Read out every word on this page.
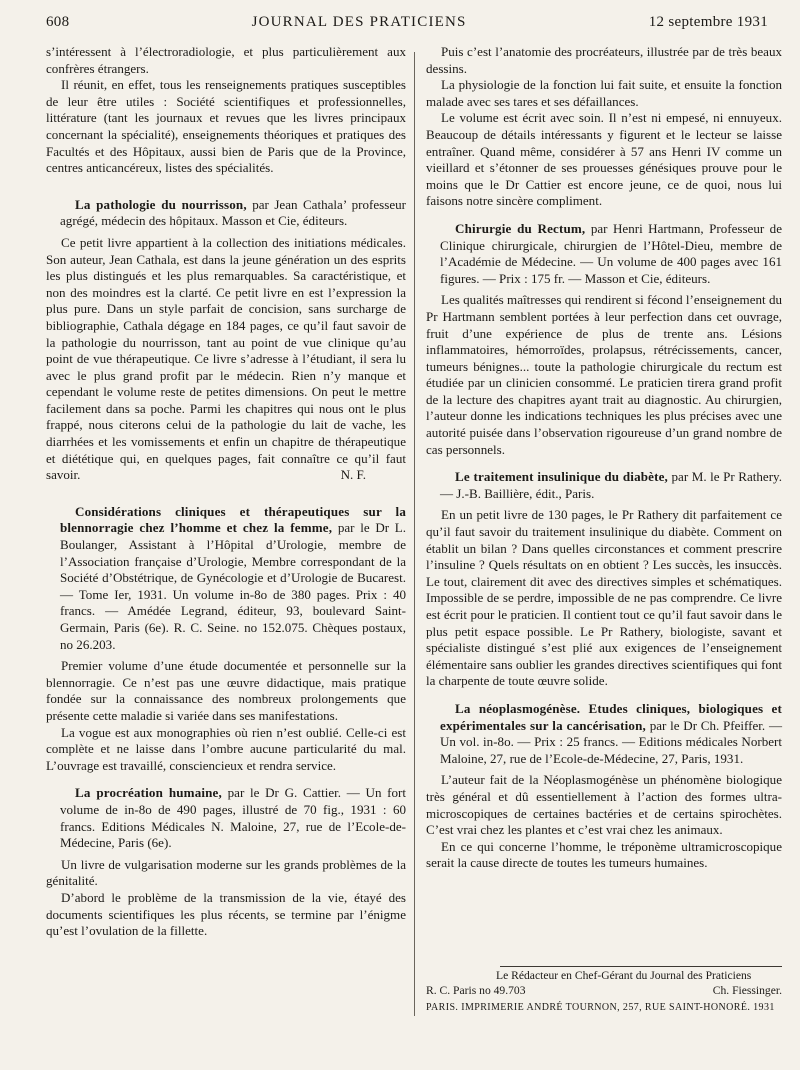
608	JOURNAL DES PRATICIENS	12 septembre 1931

s’intéressent à l’électroradiologie, et plus particulièrement aux confrères étrangers.

Il réunit, en effet, tous les renseignements pratiques susceptibles de leur être utiles : Société scientifiques et professionnelles, littérature (tant les journaux et revues que les livres principaux concernant la spécialité), enseignements théoriques et pratiques des Facultés et des Hôpitaux, aussi bien de Paris que de la Province, centres anticancéreux, listes des spécialités.

La pathologie du nourrisson, par Jean Cathala’ professeur agrégé, médecin des hôpitaux. Masson et Cie, éditeurs.

Ce petit livre appartient à la collection des initiations médicales. Son auteur, Jean Cathala, est dans la jeune génération un des esprits les plus distingués et les plus remarquables. Sa caractéristique, et non des moindres est la clarté. Ce petit livre en est l’expression la plus pure. Dans un style parfait de concision, sans surcharge de bibliographie, Cathala dégage en 184 pages, ce qu’il faut savoir de la pathologie du nourrisson, tant au point de vue clinique qu’au point de vue thérapeutique. Ce livre s’adresse à l’étudiant, il sera lu avec le plus grand profit par le médecin. Rien n’y manque et cependant le volume reste de petites dimensions. On peut le mettre facilement dans sa poche. Parmi les chapitres qui nous ont le plus frappé, nous citerons celui de la pathologie du lait de vache, les diarrhées et les vomissements et enfin un chapitre de thérapeutique et diététique qui, en quelques pages, fait connaître ce qu’il faut savoir.	N. F.

Considérations cliniques et thérapeutiques sur la blennorragie chez l’homme et chez la femme, par le Dr L. Boulanger, Assistant à l’Hôpital d’Urologie, membre de l’Association française d’Urologie, Membre correspondant de la Société d’Obstétrique, de Gynécologie et d’Urologie de Bucarest. — Tome Ier, 1931. Un volume in-8o de 380 pages. Prix : 40 francs. — Amédée Legrand, éditeur, 93, boulevard Saint-Germain, Paris (6e). R. C. Seine. no 152.075. Chèques postaux, no 26.203.

Premier volume d’une étude documentée et personnelle sur la blennorragie. Ce n’est pas une œuvre didactique, mais pratique fondée sur la connaissance des nombreux prolongements que présente cette maladie si variée dans ses manifestations.

La vogue est aux monographies où rien n’est oublié. Celle-ci est complète et ne laisse dans l’ombre aucune particularité du mal. L’ouvrage est travaillé, consciencieux et rendra service.

La procréation humaine, par le Dr G. Cattier. — Un fort volume de in-8o de 490 pages, illustré de 70 fig., 1931 : 60 francs. Editions Médicales N. Maloine, 27, rue de l’Ecole-de-Médecine, Paris (6e).

Un livre de vulgarisation moderne sur les grands problèmes de la génitalité.

D’abord le problème de la transmission de la vie, étayé des documents scientifiques les plus récents, se termine par l’énigme qu’est l’ovulation de la fillette.

Puis c’est l’anatomie des procréateurs, illustrée par de très beaux dessins.

La physiologie de la fonction lui fait suite, et ensuite la fonction malade avec ses tares et ses défaillances.

Le volume est écrit avec soin. Il n’est ni empesé, ni ennuyeux. Beaucoup de détails intéressants y figurent et le lecteur se laisse entraîner. Quand même, considérer à 57 ans Henri IV comme un vieillard et s’étonner de ses prouesses génésiques prouve pour le moins que le Dr Cattier est encore jeune, ce de quoi, nous lui faisons notre sincère compliment.

Chirurgie du Rectum, par Henri Hartmann, Professeur de Clinique chirurgicale, chirurgien de l’Hôtel-Dieu, membre de l’Académie de Médecine. — Un volume de 400 pages avec 161 figures. — Prix : 175 fr. — Masson et Cie, éditeurs.

Les qualités maîtresses qui rendirent si fécond l’enseignement du Pr Hartmann semblent portées à leur perfection dans cet ouvrage, fruit d’une expérience de plus de trente ans. Lésions inflammatoires, hémorroïdes, prolapsus, rétrécissements, cancer, tumeurs bénignes... toute la pathologie chirurgicale du rectum est étudiée par un clinicien consommé. Le praticien tirera grand profit de la lecture des chapitres ayant trait au diagnostic. Au chirurgien, l’auteur donne les indications techniques les plus précises avec une autorité puisée dans l’observation rigoureuse d’un grand nombre de cas personnels.

Le traitement insulinique du diabète, par M. le Pr Rathery. — J.-B. Baillière, édit., Paris.

En un petit livre de 130 pages, le Pr Rathery dit parfaitement ce qu’il faut savoir du traitement insulinique du diabète. Comment on établit un bilan ? Dans quelles circonstances et comment prescrire l’insuline ? Quels résultats on en obtient ? Les succès, les insuccès. Le tout, clairement dit avec des directives simples et schématiques. Impossible de se perdre, impossible de ne pas comprendre. Ce livre est écrit pour le praticien. Il contient tout ce qu’il faut savoir dans le plus petit espace possible. Le Pr Rathery, biologiste, savant et spécialiste distingué s’est plié aux exigences de l’enseignement élémentaire sans oublier les grandes directives scientifiques qui font la charpente de toute œuvre solide.

La néoplasmogénèse. Etudes cliniques, biologiques et expérimentales sur la cancérisation, par le Dr Ch. Pfeiffer. — Un vol. in-8o. — Prix : 25 francs. — Editions médicales Norbert Maloine, 27, rue de l’Ecole-de-Médecine, 27, Paris, 1931.

L’auteur fait de la Néoplasmogénèse un phénomène biologique très général et dû essentiellement à l’action des formes ultra-microscopiques de certaines bactéries et de certains spirochètes. C’est vrai chez les plantes et c’est vrai chez les animaux.

En ce qui concerne l’homme, le tréponème ultramicroscopique serait la cause directe de toutes les tumeurs humaines.

Le Rédacteur en Chef-Gérant du Journal des Praticiens
R. C. Paris no 49.703	Ch. Fiessinger.
PARIS. IMPRIMERIE ANDRÉ TOURNON, 257, RUE SAINT-HONORÉ. 1931
